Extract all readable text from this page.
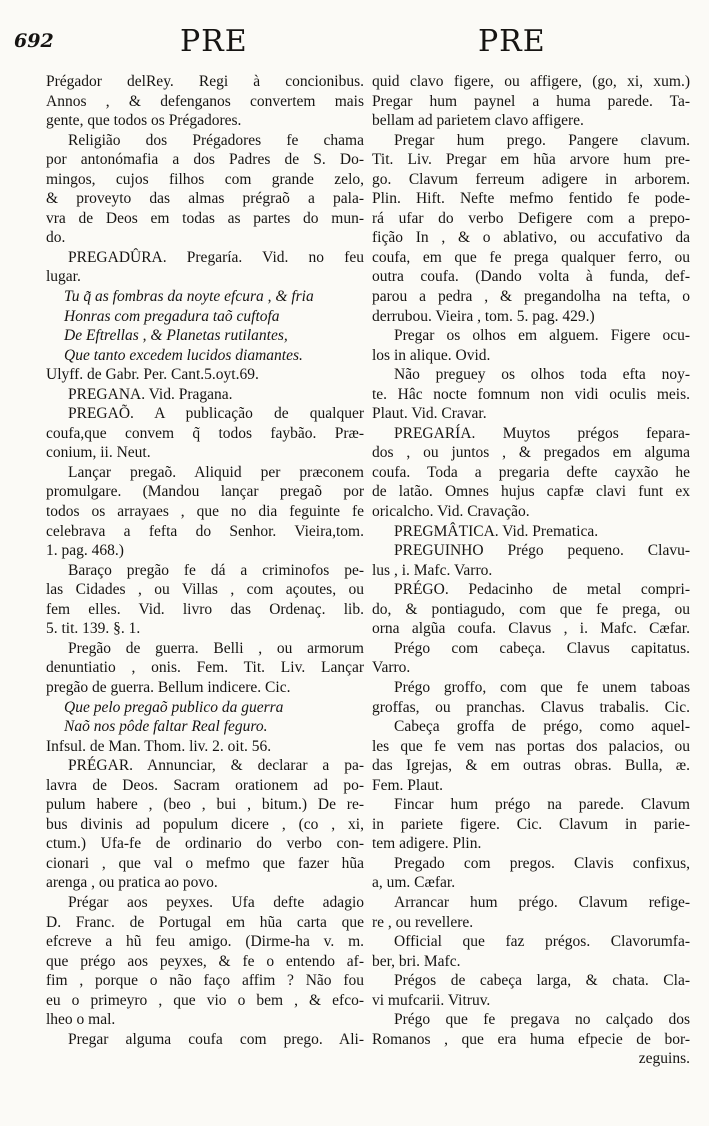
692	PRE	PRE
Prégador delRey. Regi à concionibus.
Annos , & defenganos convertem mais
gente, que todos os Prégadores.
Religião dos Prégadores fe chama
por antonómafia a dos Padres de S. Do-
mingos, cujos filhos com grande zelo,
& proveyto das almas prégraõ a pala-
vra de Deos em todas as partes do mun-
do.
PREGADÛRA. Pregaría. Vid. no feu
lugar.
Tu q̃ as fombras da noyte efcura , & fria
Honras com pregadura taõ cuftofa
De Eftrellas , & Planetas rutilantes,
Que tanto excedem lucidos diamantes.
Ulyff. de Gabr. Per. Cant.5.oyt.69.
PREGANA. Vid. Pragana.
PREGAÕ. A publicação de qualquer
coufa,que convem q̃ todos faybão. Præ-
conium, ii. Neut.
Lançar pregaõ. Aliquid per præconem
promulgare. (Mandou lançar pregaõ por
todos os arrayaes , que no dia feguinte fe
celebrava a fefta do Senhor. Vieira,tom.
1. pag. 468.)
Baraço pregão fe dá a criminofos pe-
las Cidades , ou Villas , com açoutes, ou
fem elles. Vid. livro das Ordenaç. lib.
5. tit. 139. §. 1.
Pregão de guerra. Belli , ou armorum
denuntiatio , onis. Fem. Tit. Liv. Lançar
pregão de guerra. Bellum indicere. Cic.
Que pelo pregaõ publico da guerra
Naõ nos pôde faltar Real feguro.
Infsul. de Man. Thom. liv. 2. oit. 56.
PRÉGAR. Annunciar, & declarar a pa-
lavra de Deos. Sacram orationem ad po-
pulum habere , (beo , bui , bitum.) De re-
bus divinis ad populum dicere , (co , xi,
ctum.) Ufa-fe de ordinario do verbo con-
cionari , que val o mefmo que fazer hũa
arenga , ou pratica ao povo.
Prégar aos peyxes. Ufa defte adagio
D. Franc. de Portugal em hũa carta que
efcreve a hũ feu amigo. (Dirme-ha v. m.
que prégo aos peyxes, & fe o entendo af-
fim , porque o não faço affim ? Não fou
eu o primeyro , que vio o bem , & efco-
lheo o mal.
Pregar alguma coufa com prego. Ali-
quid clavo figere, ou affigere, (go, xi, xum.)
Pregar hum paynel a huma parede. Ta-
bellam ad parietem clavo affigere.
Pregar hum prego. Pangere clavum.
Tit. Liv. Pregar em hũa arvore hum pre-
go. Clavum ferreum adigere in arborem.
Plin. Hift. Nefte mefmo fentido fe pode-
rá ufar do verbo Defigere com a prepo-
fição In , & o ablativo, ou accufativo da
coufa, em que fe prega qualquer ferro, ou
outra coufa. (Dando volta à funda, def-
parou a pedra , & pregandolha na tefta, o
derrubou. Vieira , tom. 5. pag. 429.)
Pregar os olhos em alguem. Figere ocu-
los in alique. Ovid.
Não preguey os olhos toda efta noy-
te. Hâc nocte fomnum non vidi oculis meis.
Plaut. Vid. Cravar.
PREGARÍA. Muytos prégos fepara-
dos , ou juntos , & pregados em alguma
coufa. Toda a pregaria defte cayxão he
de latão. Omnes hujus capfæ clavi funt ex
oricalcho. Vid. Cravação.
PREGMÂTICA. Vid. Prematica.
PREGUINHO Prégo pequeno. Clavu-
lus , i. Mafc. Varro.
PRÉGO. Pedacinho de metal compri-
do, & pontiagudo, com que fe prega, ou
orna algũa coufa. Clavus , i. Mafc. Cæfar.
Prégo com cabeça. Clavus capitatus.
Varro.
Prégo groffo, com que fe unem taboas
groffas, ou pranchas. Clavus trabalis. Cic.
Cabeça groffa de prégo, como aquel-
les que fe vem nas portas dos palacios, ou
das Igrejas, & em outras obras. Bulla, æ.
Fem. Plaut.
Fincar hum prégo na parede. Clavum
in pariete figere. Cic. Clavum in parie-
tem adigere. Plin.
Pregado com pregos. Clavis confixus,
a, um. Cæfar.
Arrancar hum prégo. Clavum refige-
re , ou revellere.
Official que faz prégos. Clavorumfa-
ber, bri. Mafc.
Prégos de cabeça larga, & chata. Cla-
vi mufcarii. Vitruv.
Prégo que fe pregava no calçado dos
Romanos , que era huma efpecie de bor-
zeguins.
